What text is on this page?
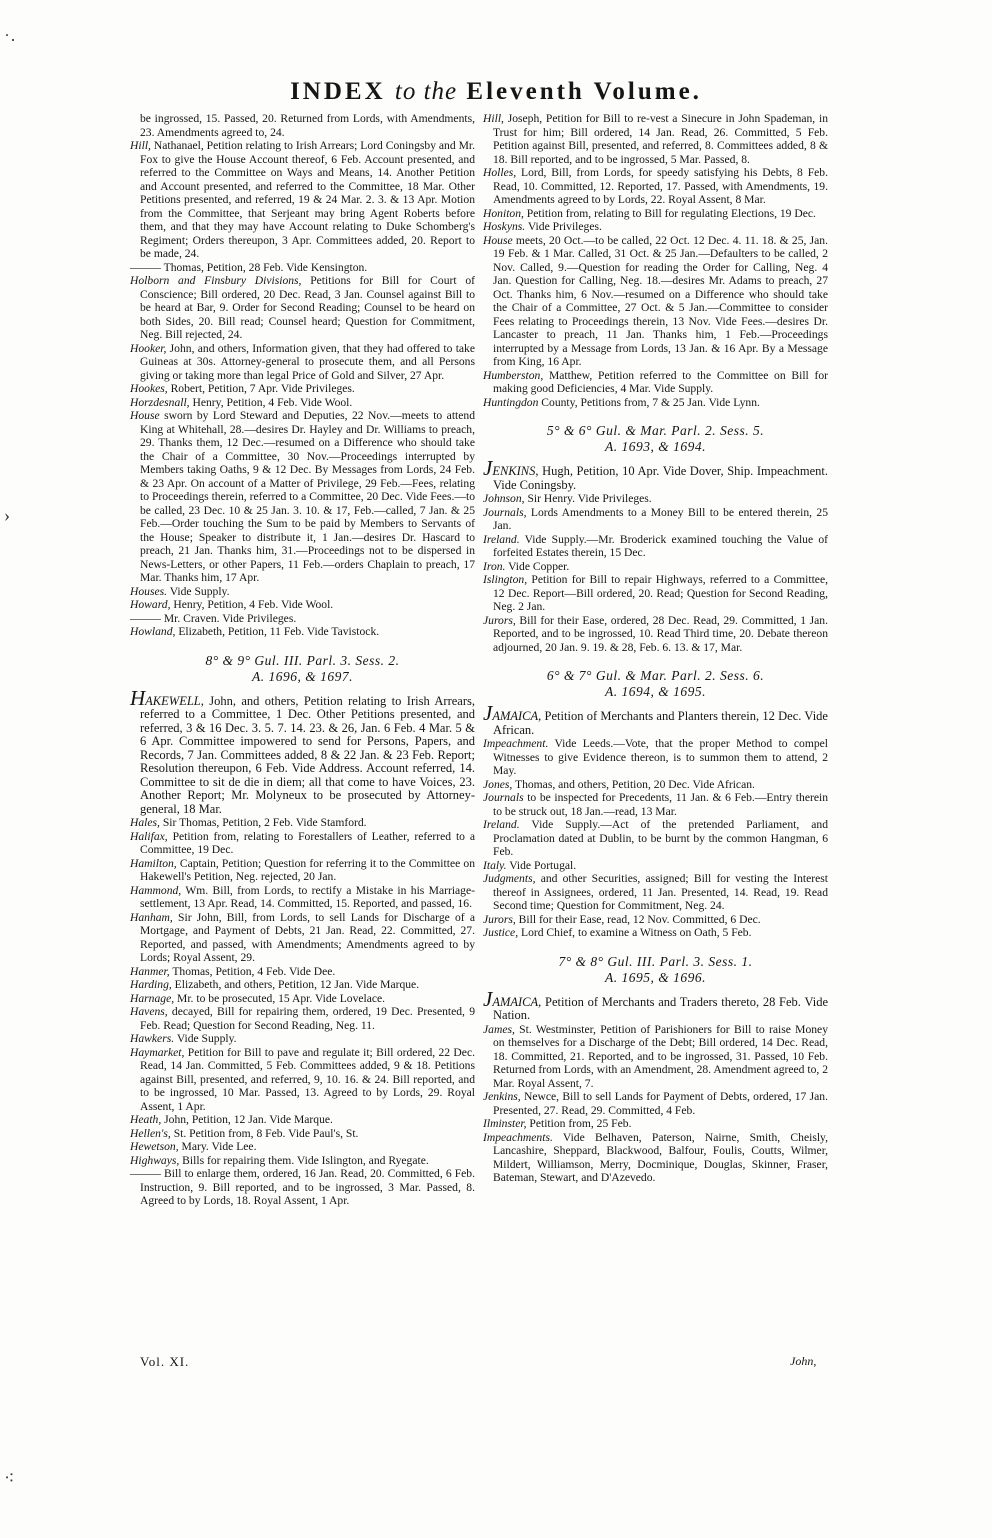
INDEX to the Eleventh Volume.

be ingrossed, 15. Passed, 20. Returned from Lords, with Amendments, 23. Amendments agreed to, 24.

Hill, Nathanael, Petition relating to Irish Arrears; Lord Coningsby and Mr. Fox to give the House Account thereof, 6 Feb. Account presented, and referred to the Committee on Ways and Means, 14. Another Petition and Account presented, and referred to the Committee, 18 Mar. Other Petitions presented, and referred, 19 & 24 Mar. 2. 3. & 13 Apr. Motion from the Committee, that Serjeant may bring Agent Roberts before them, and that they may have Account relating to Duke Schomberg's Regiment; Orders thereupon, 3 Apr. Committees added, 20. Report to be made, 24.

——— Thomas, Petition, 28 Feb. Vide Kensington.

Holborn and Finsbury Divisions, Petitions for Bill for Court of Conscience; Bill ordered, 20 Dec. Read, 3 Jan. Counsel against Bill to be heard at Bar, 9. Order for Second Reading; Counsel to be heard on both Sides, 20. Bill read; Counsel heard; Question for Commitment, Neg. Bill rejected, 24.

Hooker, John, and others, Information given, that they had offered to take Guineas at 30s. Attorney-general to prosecute them, and all Persons giving or taking more than legal Price of Gold and Silver, 27 Apr.

Hookes, Robert, Petition, 7 Apr. Vide Privileges.

Horzdesnall, Henry, Petition, 4 Feb. Vide Wool.

House sworn by Lord Steward and Deputies, 22 Nov.—meets to attend King at Whitehall, 28.—desires Dr. Hayley and Dr. Williams to preach, 29. Thanks them, 12 Dec.—resumed on a Difference who should take the Chair of a Committee, 30 Nov.—Proceedings interrupted by Members taking Oaths, 9 & 12 Dec. By Messages from Lords, 24 Feb. & 23 Apr. On account of a Matter of Privilege, 29 Feb.—Fees, relating to Proceedings therein, referred to a Committee, 20 Dec. Vide Fees.—to be called, 23 Dec. 10 & 25 Jan. 3. 10. & 17, Feb.—called, 7 Jan. & 25 Feb.—Order touching the Sum to be paid by Members to Servants of the House; Speaker to distribute it, 1 Jan.—desires Dr. Hascard to preach, 21 Jan. Thanks him, 31.—Proceedings not to be dispersed in News-Letters, or other Papers, 11 Feb.—orders Chaplain to preach, 17 Mar. Thanks him, 17 Apr.

Houses. Vide Supply.

Howard, Henry, Petition, 4 Feb. Vide Wool.

——— Mr. Craven. Vide Privileges.

Howland, Elizabeth, Petition, 11 Feb. Vide Tavistock.

8° & 9° Gul. III. Parl. 3. Sess. 2.
A. 1696, & 1697.

HAKEWELL, John, and others, Petition relating to Irish Arrears, referred to a Committee, 1 Dec. Other Petitions presented, and referred, 3 & 16 Dec. 3. 5. 7. 14. 23. & 26, Jan. 6 Feb. 4 Mar. 5 & 6 Apr. Committee impowered to send for Persons, Papers, and Records, 7 Jan. Committees added, 8 & 22 Jan. & 23 Feb. Report; Resolution thereupon, 6 Feb. Vide Address. Account referred, 14. Committee to sit de die in diem; all that come to have Voices, 23. Another Report; Mr. Molyneux to be prosecuted by Attorney-general, 18 Mar.

Hales, Sir Thomas, Petition, 2 Feb. Vide Stamford.

Halifax, Petition from, relating to Forestallers of Leather, referred to a Committee, 19 Dec.

Hamilton, Captain, Petition; Question for referring it to the Committee on Hakewell's Petition, Neg. rejected, 20 Jan.

Hammond, Wm. Bill, from Lords, to rectify a Mistake in his Marriage-settlement, 13 Apr. Read, 14. Committed, 15. Reported, and passed, 16.

Hanham, Sir John, Bill, from Lords, to sell Lands for Discharge of a Mortgage, and Payment of Debts, 21 Jan. Read, 22. Committed, 27. Reported, and passed, with Amendments; Amendments agreed to by Lords; Royal Assent, 29.

Hanmer, Thomas, Petition, 4 Feb. Vide Dee.

Harding, Elizabeth, and others, Petition, 12 Jan. Vide Marque.

Harnage, Mr. to be prosecuted, 15 Apr. Vide Lovelace.

Havens, decayed, Bill for repairing them, ordered, 19 Dec. Presented, 9 Feb. Read; Question for Second Reading, Neg. 11.

Hawkers. Vide Supply.

Haymarket, Petition for Bill to pave and regulate it; Bill ordered, 22 Dec. Read, 14 Jan. Committed, 5 Feb. Committees added, 9 & 18. Petitions against Bill, presented, and referred, 9, 10. 16. & 24. Bill reported, and to be ingrossed, 10 Mar. Passed, 13. Agreed to by Lords, 29. Royal Assent, 1 Apr.

Heath, John, Petition, 12 Jan. Vide Marque.

Hellen's, St. Petition from, 8 Feb. Vide Paul's, St.

Hewetson, Mary. Vide Lee.

Highways, Bills for repairing them. Vide Islington, and Ryegate.

——— Bill to enlarge them, ordered, 16 Jan. Read, 20. Committed, 6 Feb. Instruction, 9. Bill reported, and to be ingrossed, 3 Mar. Passed, 8. Agreed to by Lords, 18. Royal Assent, 1 Apr.

Hill, Joseph, Petition for Bill to re-vest a Sinecure in John Spademan, in Trust for him; Bill ordered, 14 Jan. Read, 26. Committed, 5 Feb. Petition against Bill, presented, and referred, 8. Committees added, 8 & 18. Bill reported, and to be ingrossed, 5 Mar. Passed, 8.

Holles, Lord, Bill, from Lords, for speedy satisfying his Debts, 8 Feb. Read, 10. Committed, 12. Reported, 17. Passed, with Amendments, 19. Amendments agreed to by Lords, 22. Royal Assent, 8 Mar.

Honiton, Petition from, relating to Bill for regulating Elections, 19 Dec.

Hoskyns. Vide Privileges.

House meets, 20 Oct.—to be called, 22 Oct. 12 Dec. 4. 11. 18. & 25, Jan. 19 Feb. & 1 Mar. Called, 31 Oct. & 25 Jan.—Defaulters to be called, 2 Nov. Called, 9.—Question for reading the Order for Calling, Neg. 4 Jan. Question for Calling, Neg. 18.—desires Mr. Adams to preach, 27 Oct. Thanks him, 6 Nov.—resumed on a Difference who should take the Chair of a Committee, 27 Oct. & 5 Jan.—Committee to consider Fees relating to Proceedings therein, 13 Nov. Vide Fees.—desires Dr. Lancaster to preach, 11 Jan. Thanks him, 1 Feb.—Proceedings interrupted by a Message from Lords, 13 Jan. & 16 Apr. By a Message from King, 16 Apr.

Humberston, Matthew, Petition referred to the Committee on Bill for making good Deficiencies, 4 Mar. Vide Supply.

Huntingdon County, Petitions from, 7 & 25 Jan. Vide Lynn.

5° & 6° Gul. & Mar. Parl. 2. Sess. 5.
A. 1693, & 1694.

JENKINS, Hugh, Petition, 10 Apr. Vide Dover, Ship. Impeachment. Vide Coningsby.

Johnson, Sir Henry. Vide Privileges.

Journals, Lords Amendments to a Money Bill to be entered therein, 25 Jan.

Ireland. Vide Supply.—Mr. Broderick examined touching the Value of forfeited Estates therein, 15 Dec.

Iron. Vide Copper.

Islington, Petition for Bill to repair Highways, referred to a Committee, 12 Dec. Report—Bill ordered, 20. Read; Question for Second Reading, Neg. 2 Jan.

Jurors, Bill for their Ease, ordered, 28 Dec. Read, 29. Committed, 1 Jan. Reported, and to be ingrossed, 10. Read Third time, 20. Debate thereon adjourned, 20 Jan. 9. 19. & 28, Feb. 6. 13. & 17, Mar.

6° & 7° Gul. & Mar. Parl. 2. Sess. 6.
A. 1694, & 1695.

JAMAICA, Petition of Merchants and Planters therein, 12 Dec. Vide African.

Impeachment. Vide Leeds.—Vote, that the proper Method to compel Witnesses to give Evidence thereon, is to summon them to attend, 2 May.

Jones, Thomas, and others, Petition, 20 Dec. Vide African.

Journals to be inspected for Precedents, 11 Jan. & 6 Feb.—Entry therein to be struck out, 18 Jan.—read, 13 Mar.

Ireland. Vide Supply.—Act of the pretended Parliament, and Proclamation dated at Dublin, to be burnt by the common Hangman, 6 Feb.

Italy. Vide Portugal.

Judgments, and other Securities, assigned; Bill for vesting the Interest thereof in Assignees, ordered, 11 Jan. Presented, 14. Read, 19. Read Second time; Question for Commitment, Neg. 24.

Jurors, Bill for their Ease, read, 12 Nov. Committed, 6 Dec.

Justice, Lord Chief, to examine a Witness on Oath, 5 Feb.

7° & 8° Gul. III. Parl. 3. Sess. 1.
A. 1695, & 1696.

JAMAICA, Petition of Merchants and Traders thereto, 28 Feb. Vide Nation.

James, St. Westminster, Petition of Parishioners for Bill to raise Money on themselves for a Discharge of the Debt; Bill ordered, 14 Dec. Read, 18. Committed, 21. Reported, and to be ingrossed, 31. Passed, 10 Feb. Returned from Lords, with an Amendment, 28. Amendment agreed to, 2 Mar. Royal Assent, 7.

Jenkins, Newce, Bill to sell Lands for Payment of Debts, ordered, 17 Jan. Presented, 27. Read, 29. Committed, 4 Feb.

Ilminster, Petition from, 25 Feb.

Impeachments. Vide Belhaven, Paterson, Nairne, Smith, Cheisly, Lancashire, Sheppard, Blackwood, Balfour, Foulis, Coutts, Wilmer, Mildert, Williamson, Merry, Docminique, Douglas, Skinner, Fraser, Bateman, Stewart, and D'Azevedo.

Vol. XI.	John,
˙·
›
⁖
